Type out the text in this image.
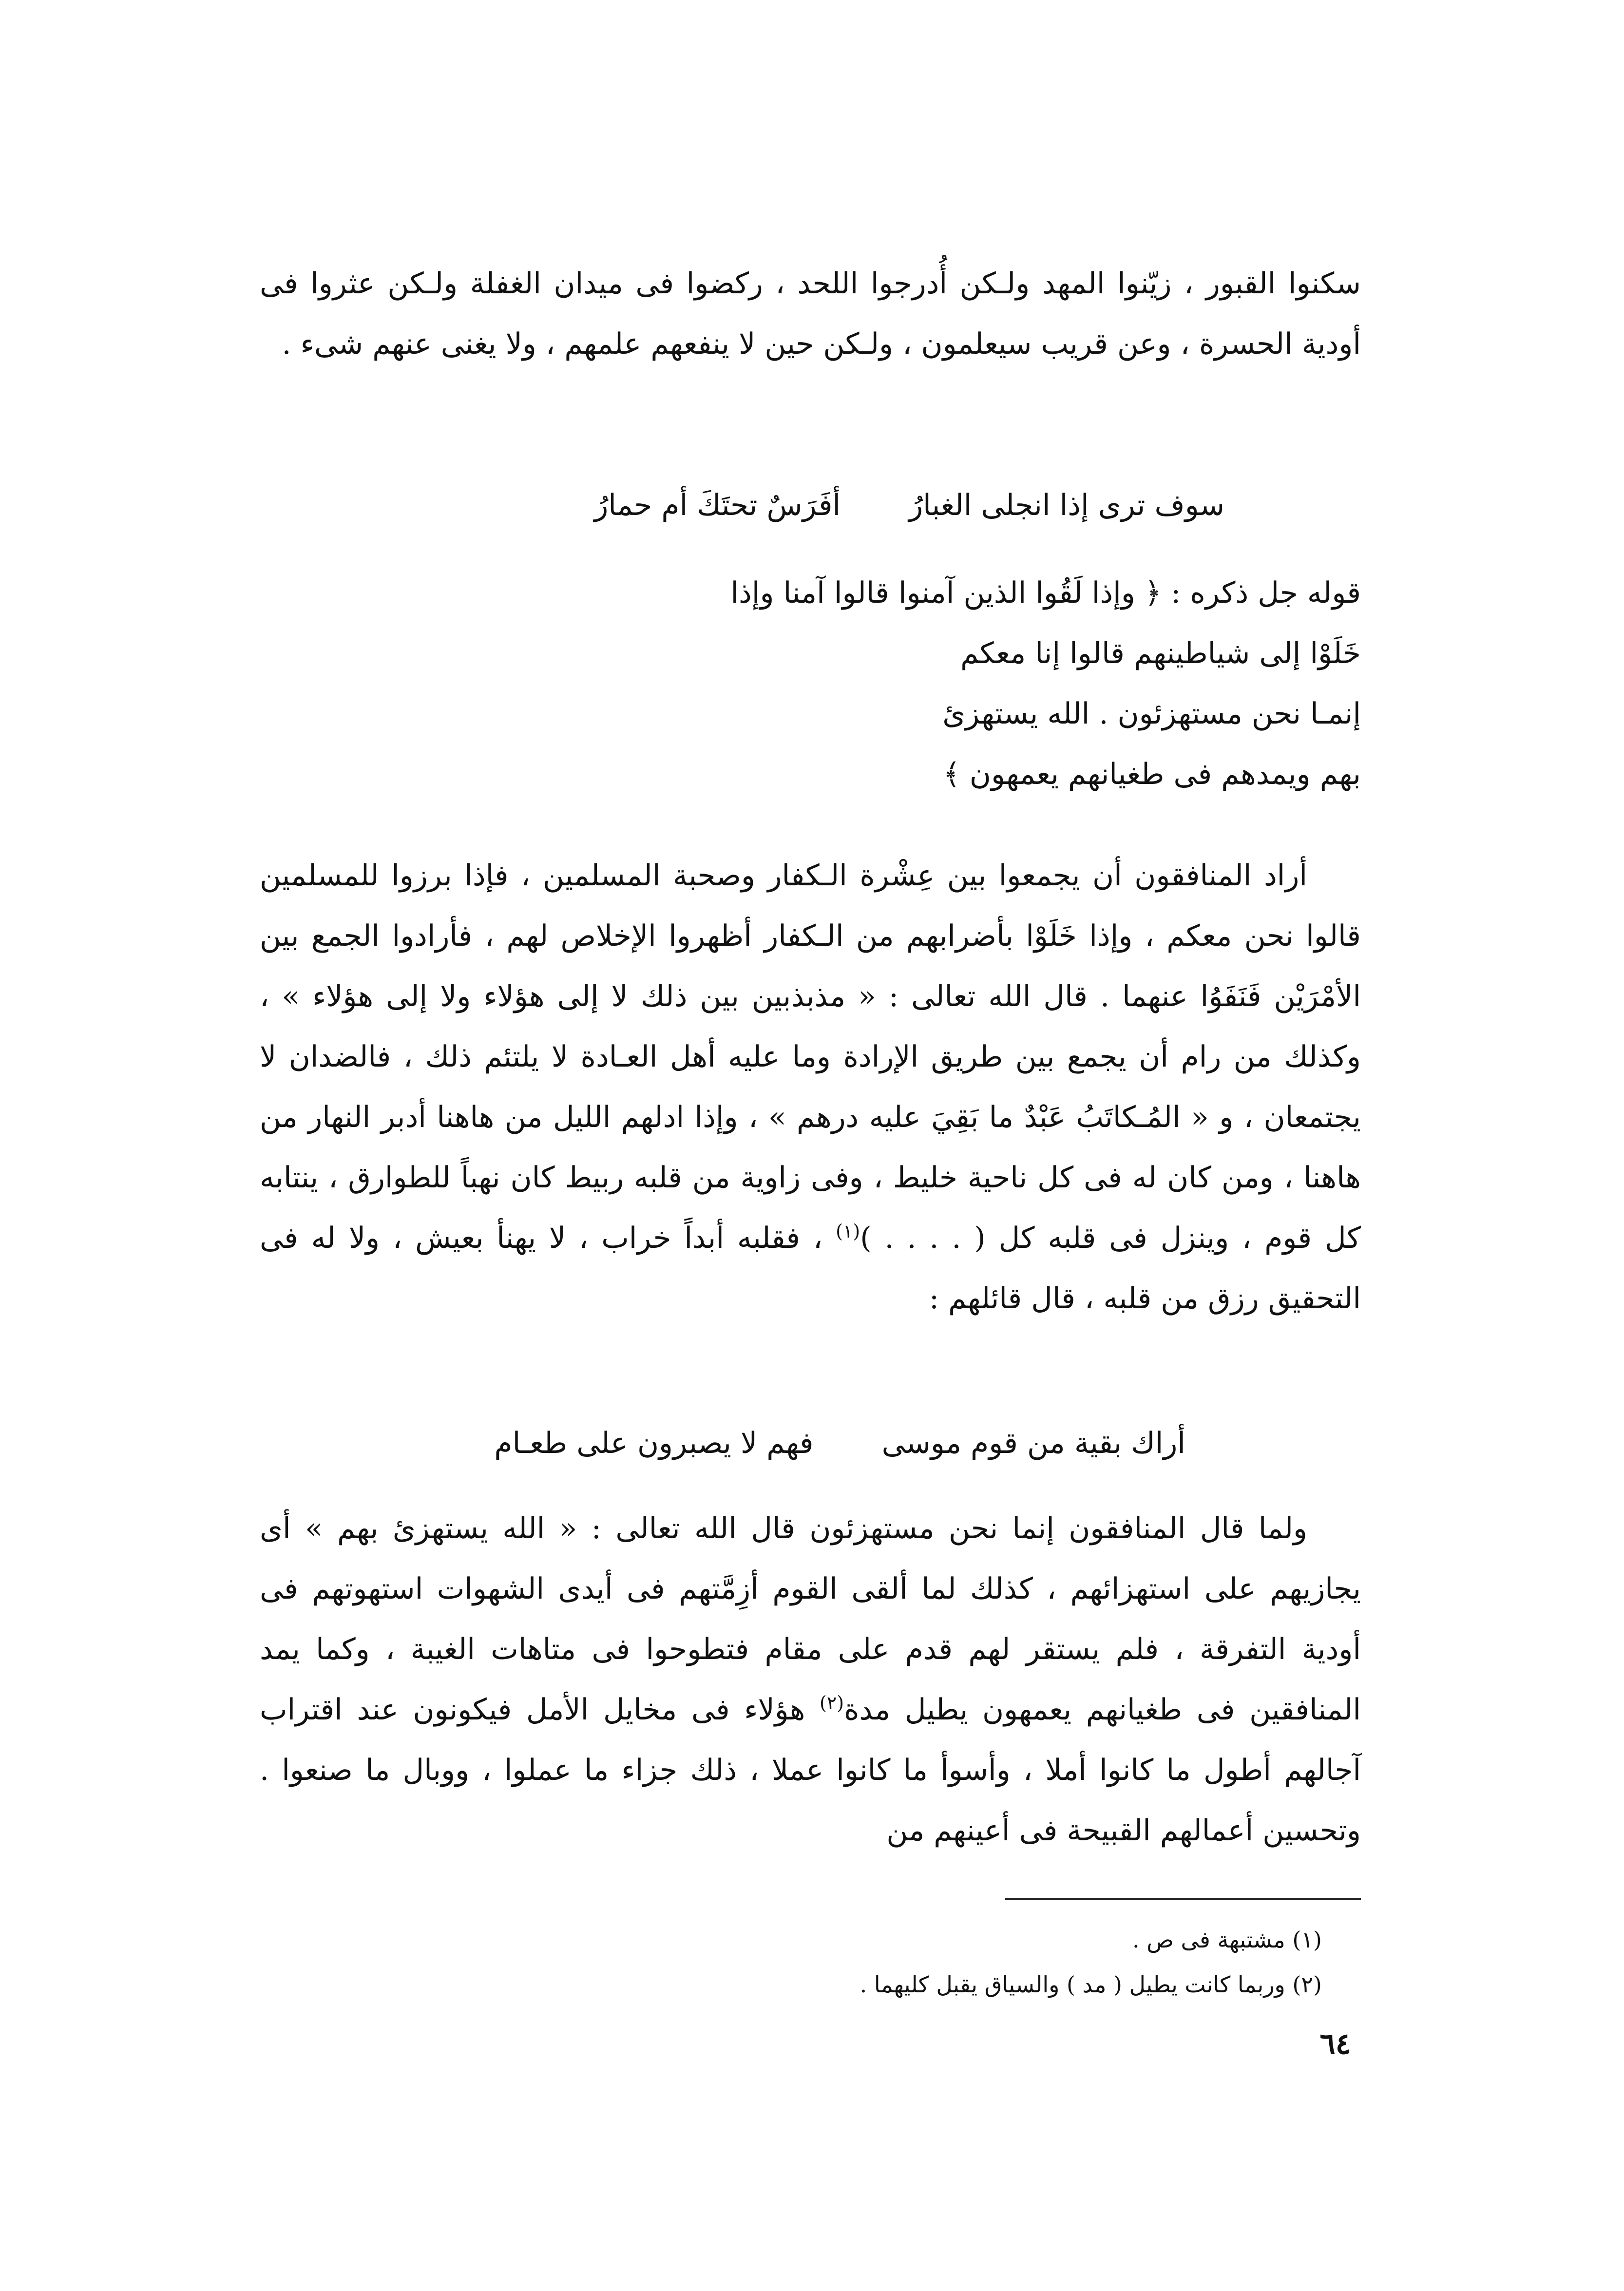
سكنوا القبور ، زيّنوا المهد ولـكن أُدرجوا اللحد ، ركضوا فى ميدان الغفلة ولـكن عثروا فى أودية الحسرة ، وعن قريب سيعلمون ، ولـكن حين لا ينفعهم علمهم ، ولا يغنى عنهم شىء .

سوف ترى إذا انجلى الغبارُأفَرَسٌ تحتَكَ أم حمارُ
قوله جل ذكره : ﴿ وإذا لَقُوا الذين آمنوا قالوا آمنا وإذا
خَلَوْا إلى شياطينهم قالوا إنا معكم
إنمـا نحن مستهزئون . الله يستهزئ
بهم ويمدهم فى طغيانهم يعمهون ﴾

أراد المنافقون أن يجمعوا بين عِشْرة الـكفار وصحبة المسلمين ، فإذا برزوا للمسلمين قالوا نحن معكم ، وإذا خَلَوْا بأضرابهم من الـكفار أظهروا الإخلاص لهم ، فأرادوا الجمع بين الأمْرَيْن فَنَفَوُا عنهما . قال الله تعالى : « مذبذبين بين ذلك لا إلى هؤلاء ولا إلى هؤلاء » ، وكذلك من رام أن يجمع بين طريق الإرادة وما عليه أهل العـادة لا يلتئم ذلك ، فالضدان لا يجتمعان ، و « المُـكاتَبُ عَبْدٌ ما بَقِيَ عليه درهم » ، وإذا ادلهم الليل من هاهنا أدبر النهار من هاهنا ، ومن كان له فى كل ناحية خليط ، وفى زاوية من قلبه ربيط كان نهباً للطوارق ، ينتابه كل قوم ، وينزل فى قلبه كل ( . . . . )$^{(١)}$ ، فقلبه أبداً خراب ، لا يهنأ بعيش ، ولا له فى التحقيق رزق من قلبه ، قال قائلهم :

أراك بقية من قوم موسىفهم لا يصبرون على طعـام

ولما قال المنافقون إنما نحن مستهزئون قال الله تعالى : « الله يستهزئ بهم » أى يجازيهم على استهزائهم ، كذلك لما ألقى القوم أزِمَّتهم فى أيدى الشهوات استهوتهم فى أودية التفرقة ، فلم يستقر لهم قدم على مقام فتطوحوا فى متاهات الغيبة ، وكما يمد المنافقين فى طغيانهم يعمهون يطيل مدة$^{(٢)}$ هؤلاء فى مخايل الأمل فيكونون عند اقتراب آجالهم أطول ما كانوا أملا ، وأسوأ ما كانوا عملا ، ذلك جزاء ما عملوا ، ووبال ما صنعوا . وتحسين أعمالهم القبيحة فى أعينهم من

(١) مشتبهة فى ص .
(٢) وربما كانت يطيل ( مد ) والسياق يقبل كليهما .
٦٤
